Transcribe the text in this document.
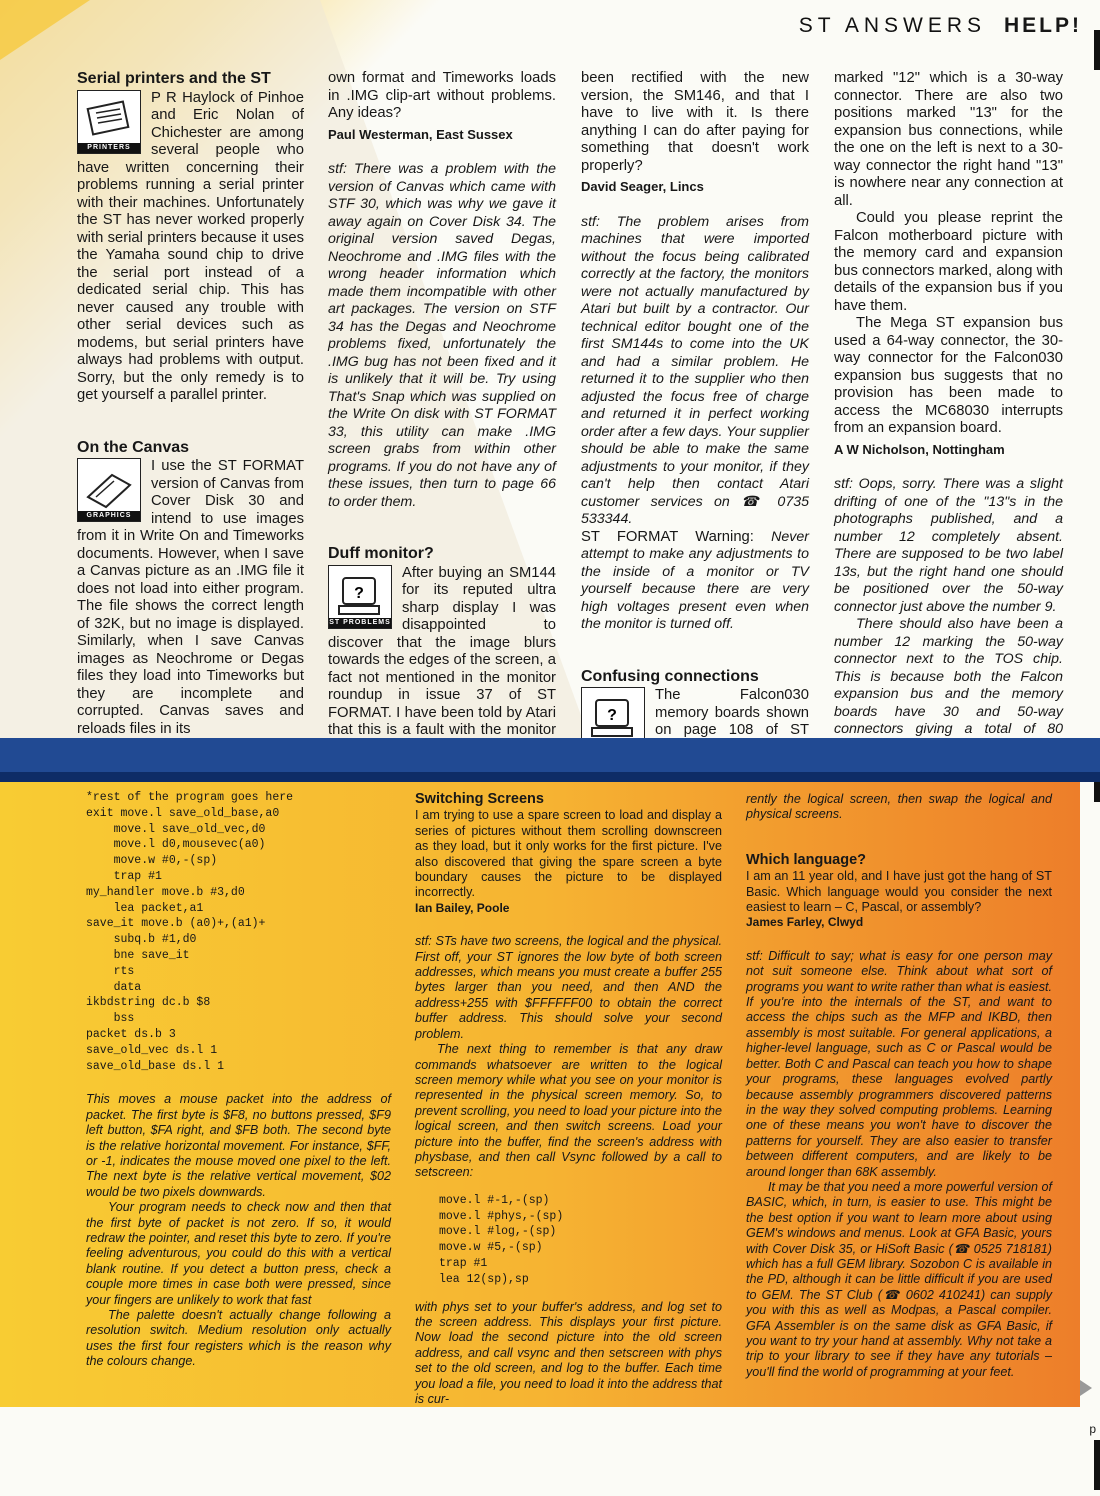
ST ANSWERS HELP!
Serial printers and the ST
PRINTERS

P R Haylock of Pinhoe and Eric Nolan of Chichester are among several people who have written concerning their problems running a serial printer with their machines. Unfortunately the ST has never worked properly with serial printers because it uses the Yamaha sound chip to drive the serial port instead of a dedicated serial chip. This has never caused any trouble with other serial devices such as modems, but serial printers have always had problems with output. Sorry, but the only remedy is to get yourself a parallel printer.

On the Canvas
GRAPHICS

I use the ST FORMAT version of Canvas from Cover Disk 30 and intend to use images from it in Write On and Timeworks documents. However, when I save a Canvas picture as an .IMG file it does not load into either program. The file shows the correct length of 32K, but no image is displayed. Similarly, when I save Canvas images as Neochrome or Degas files they load into Timeworks but they are incomplete and corrupted. Canvas saves and reloads files in its

own format and Timeworks loads in .IMG clip-art without problems. Any ideas?

Paul Westerman, East Sussex

stf: There was a problem with the version of Canvas which came with STF 30, which was why we gave it away again on Cover Disk 34. The original version saved Degas, Neochrome and .IMG files with the wrong header information which made them incompatible with other art packages. The version on STF 34 has the Degas and Neochrome problems fixed, unfortunately the .IMG bug has not been fixed and it is unlikely that it will be. Try using That's Snap which was supplied on the Write On disk with ST FORMAT 33, this utility can make .IMG screen grabs from within other programs. If you do not have any of these issues, then turn to page 66 to order them.

Duff monitor?
?
ST PROBLEMS

After buying an SM144 for its reputed ultra sharp display I was disappointed to discover that the image blurs towards the edges of the screen, a fact not mentioned in the monitor roundup in issue 37 of ST FORMAT. I have been told by Atari that this is a fault with the monitor

been rectified with the new version, the SM146, and that I have to live with it. Is there anything I can do after paying for something that doesn't work properly?

David Seager, Lincs

stf: The problem arises from machines that were imported without the focus being calibrated correctly at the factory, the monitors were not actually manufactured by Atari but built by a contractor. Our technical editor bought one of the first SM144s to come into the UK and had a similar problem. He returned it to the supplier who then adjusted the focus free of charge and returned it in perfect working order after a few days. Your supplier should be able to make the same adjustments to your monitor, if they can't help then contact Atari customer services on ☎ 0735 533344.

ST FORMAT Warning: Never attempt to make any adjustments to the inside of a monitor or TV yourself because there are very high voltages present even when the monitor is turned off.

Confusing connections
?

The Falcon030 memory boards shown on page 108 of ST

marked "12" which is a 30-way connector. There are also two positions marked "13" for the expansion bus connections, while the one on the left is next to a 30-way connector the right hand "13" is nowhere near any connection at all.

Could you please reprint the Falcon motherboard picture with the memory card and expansion bus connectors marked, along with details of the expansion bus if you have them.

The Mega ST expansion bus used a 64-way connector, the 30-way connector for the Falcon030 expansion bus suggests that no provision has been made to access the MC68030 interrupts from an expansion board.

A W Nicholson, Nottingham

stf: Oops, sorry. There was a slight drifting of one of the "13"s in the photographs published, and a number 12 completely absent. There are supposed to be two label 13s, but the right hand one should be positioned over the 50-way connector just above the number 9.

There should also have been a number 12 marking the 50-way connector next to the TOS chip. This is because both the Falcon expansion bus and the memory boards have 30 and 50-way connectors giving a total of 80

*rest of the program goes here
exit move.l save_old_base,a0
move.l save_old_vec,d0
move.l d0,mousevec(a0)
move.w #0,-(sp)
trap #1
my_handler move.b #3,d0
lea packet,a1
save_it move.b (a0)+,(a1)+
subq.b #1,d0
bne save_it
rts
data
ikbdstring dc.b $8
bss
packet ds.b 3
save_old_vec ds.l 1
save_old_base ds.l 1

This moves a mouse packet into the address of packet. The first byte is $F8, no buttons pressed, $F9 left button, $FA right, and $FB both. The second byte is the relative horizontal movement. For instance, $FF, or -1, indicates the mouse moved one pixel to the left. The next byte is the relative vertical movement, $02 would be two pixels downwards.

Your program needs to check now and then that the first byte of packet is not zero. If so, it would redraw the pointer, and reset this byte to zero. If you're feeling adventurous, you could do this with a vertical blank routine. If you detect a button press, check a couple more times in case both were pressed, since your fingers are unlikely to work that fast

The palette doesn't actually change following a resolution switch. Medium resolution only actually uses the first four registers which is the reason why the colours change.

Switching Screens

I am trying to use a spare screen to load and display a series of pictures without them scrolling downscreen as they load, but it only works for the first picture. I've also discovered that giving the spare screen a byte boundary causes the picture to be displayed incorrectly.

Ian Bailey, Poole

stf: STs have two screens, the logical and the physical. First off, your ST ignores the low byte of both screen addresses, which means you must create a buffer 255 bytes larger than you need, and then AND the address+255 with $FFFFFF00 to obtain the correct buffer address. This should solve your second problem.

The next thing to remember is that any draw commands whatsoever are written to the logical screen memory while what you see on your monitor is represented in the physical screen memory. So, to prevent scrolling, you need to load your picture into the logical screen, and then switch screens. Load your picture into the buffer, find the screen's address with physbase, and then call Vsync followed by a call to setscreen:

move.l #-1,-(sp)
move.l #phys,-(sp)
move.l #log,-(sp)
move.w #5,-(sp)
trap #1
lea 12(sp),sp

with phys set to your buffer's address, and log set to the screen address. This displays your first picture. Now load the second picture into the old screen address, and call vsync and then setscreen with phys set to the old screen, and log to the buffer. Each time you load a file, you need to load it into the address that is cur-

rently the logical screen, then swap the logical and physical screens.

Which language?

I am an 11 year old, and I have just got the hang of ST Basic. Which language would you consider the next easiest to learn – C, Pascal, or assembly?

James Farley, Clwyd

stf: Difficult to say; what is easy for one person may not suit someone else. Think about what sort of programs you want to write rather than what is easiest. If you're into the internals of the ST, and want to access the chips such as the MFP and IKBD, then assembly is most suitable. For general applications, a higher-level language, such as C or Pascal would be better. Both C and Pascal can teach you how to shape your programs, these languages evolved partly because assembly programmers discovered patterns in the way they solved computing problems. Learning one of these means you won't have to discover the patterns for yourself. They are also easier to transfer between different computers, and are likely to be around longer than 68K assembly.

It may be that you need a more powerful version of BASIC, which, in turn, is easier to use. This might be the best option if you want to learn more about using GEM's windows and menus. Look at GFA Basic, yours with Cover Disk 35, or HiSoft Basic (☎ 0525 718181) which has a full GEM library. Sozobon C is available in the PD, although it can be little difficult if you are used to GEM. The ST Club (☎ 0602 410241) can supply you with this as well as Modpas, a Pascal compiler. GFA Assembler is on the same disk as GFA Basic, if you want to try your hand at assembly. Why not take a trip to your library to see if they have any tutorials – you'll find the world of programming at your feet.

p
